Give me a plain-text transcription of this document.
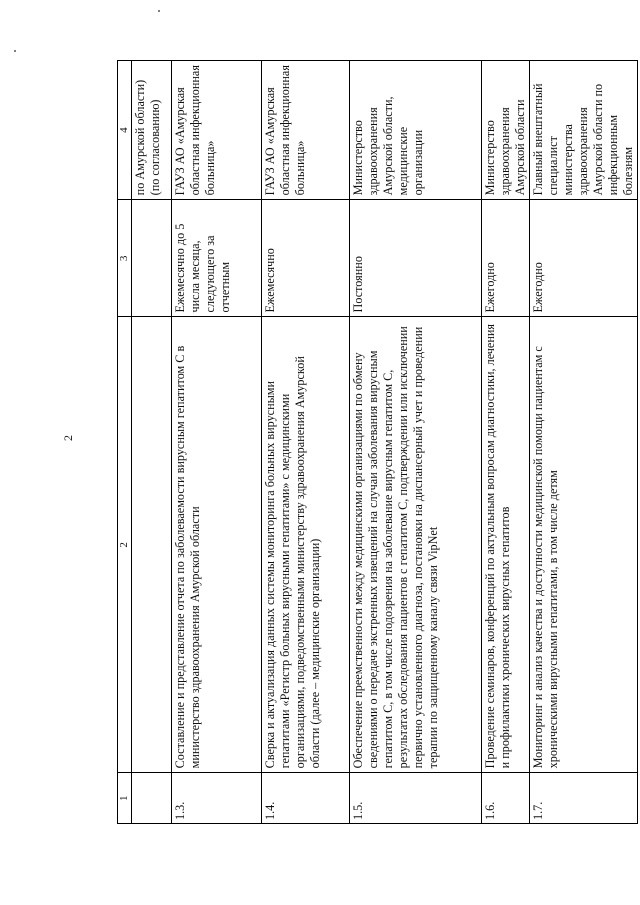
2
1	2	3	4
			по Амурской области) (по согласованию)
1.3.	Составление и представление отчета по заболеваемости вирусным гепатитом С в министерство здравоохранения Амурской области	Ежемесячно до 5 числа месяца, следующего за отчетным	ГАУЗ АО «Амурская областная инфекционная больница»
1.4.	Сверка и актуализация данных системы мониторинга больных вирусными гепатитами «Регистр больных вирусными гепатитами» с медицинскими организациями, подведомственными министерству здравоохранения Амурской области (далее – медицинские организации)	Ежемесячно	ГАУЗ АО «Амурская областная инфекционная больница»
1.5.	Обеспечение преемственности между медицинскими организациями по обмену сведениями о передаче экстренных извещений на случаи заболевания вирусным гепатитом С, в том числе подозрения на заболевание вирусным гепатитом С, результатах обследования пациентов с гепатитом С, подтверждении или исключении первично установленного диагноза, постановки на диспансерный учет и проведении терапии по защищенному каналу связи VipNet	Постоянно	Министерство здравоохранения Амурской области, медицинские организации
1.6.	Проведение семинаров, конференций по актуальным вопросам диагностики, лечения и профилактики хронических вирусных гепатитов	Ежегодно	Министерство здравоохранения Амурской области
1.7.	Мониторинг и анализ качества и доступности медицинской помощи пациентам с хроническими вирусными гепатитами, в том числе детям	Ежегодно	Главный внештатный специалист министерства здравоохранения Амурской области по инфекционным болезням
